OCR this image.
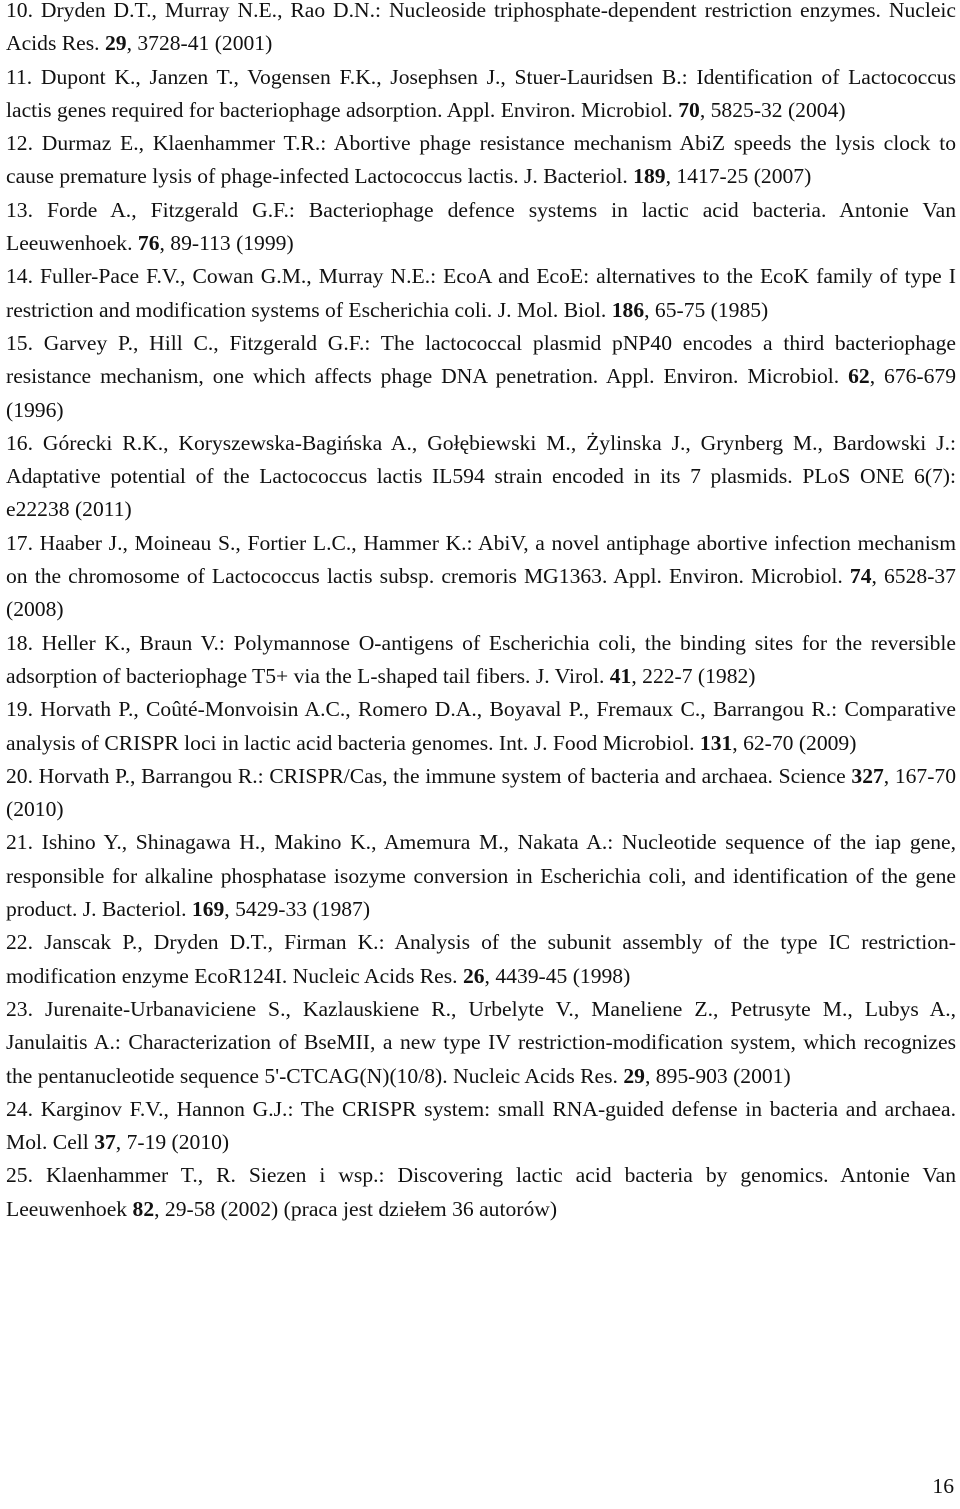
10. Dryden D.T., Murray N.E., Rao D.N.: Nucleoside triphosphate-dependent restriction enzymes. Nucleic Acids Res. 29, 3728-41 (2001)
11. Dupont K., Janzen T., Vogensen F.K., Josephsen J., Stuer-Lauridsen B.: Identification of Lactococcus lactis genes required for bacteriophage adsorption. Appl. Environ. Microbiol. 70, 5825-32 (2004)
12. Durmaz E., Klaenhammer T.R.: Abortive phage resistance mechanism AbiZ speeds the lysis clock to cause premature lysis of phage-infected Lactococcus lactis. J. Bacteriol. 189, 1417-25 (2007)
13. Forde A., Fitzgerald G.F.: Bacteriophage defence systems in lactic acid bacteria. Antonie Van Leeuwenhoek. 76, 89-113 (1999)
14. Fuller-Pace F.V., Cowan G.M., Murray N.E.: EcoA and EcoE: alternatives to the EcoK family of type I restriction and modification systems of Escherichia coli. J. Mol. Biol. 186, 65-75 (1985)
15. Garvey P., Hill C., Fitzgerald G.F.: The lactococcal plasmid pNP40 encodes a third bacteriophage resistance mechanism, one which affects phage DNA penetration. Appl. Environ. Microbiol. 62, 676-679 (1996)
16. Górecki R.K., Koryszewska-Bagińska A., Gołębiewski M., Żylinska J., Grynberg M., Bardowski J.: Adaptative potential of the Lactococcus lactis IL594 strain encoded in its 7 plasmids. PLoS ONE 6(7): e22238 (2011)
17. Haaber J., Moineau S., Fortier L.C., Hammer K.: AbiV, a novel antiphage abortive infection mechanism on the chromosome of Lactococcus lactis subsp. cremoris MG1363. Appl. Environ. Microbiol. 74, 6528-37 (2008)
18. Heller K., Braun V.: Polymannose O-antigens of Escherichia coli, the binding sites for the reversible adsorption of bacteriophage T5+ via the L-shaped tail fibers. J. Virol. 41, 222-7 (1982)
19. Horvath P., Coûté-Monvoisin A.C., Romero D.A., Boyaval P., Fremaux C., Barrangou R.: Comparative analysis of CRISPR loci in lactic acid bacteria genomes. Int. J. Food Microbiol. 131, 62-70 (2009)
20. Horvath P., Barrangou R.: CRISPR/Cas, the immune system of bacteria and archaea. Science 327, 167-70 (2010)
21. Ishino Y., Shinagawa H., Makino K., Amemura M., Nakata A.: Nucleotide sequence of the iap gene, responsible for alkaline phosphatase isozyme conversion in Escherichia coli, and identification of the gene product. J. Bacteriol. 169, 5429-33 (1987)
22. Janscak P., Dryden D.T., Firman K.: Analysis of the subunit assembly of the type IC restriction-modification enzyme EcoR124I. Nucleic Acids Res. 26, 4439-45 (1998)
23. Jurenaite-Urbanaviciene S., Kazlauskiene R., Urbelyte V., Maneliene Z., Petrusyte M., Lubys A., Janulaitis A.: Characterization of BseMII, a new type IV restriction-modification system, which recognizes the pentanucleotide sequence 5'-CTCAG(N)(10/8). Nucleic Acids Res. 29, 895-903 (2001)
24. Karginov F.V., Hannon G.J.: The CRISPR system: small RNA-guided defense in bacteria and archaea. Mol. Cell 37, 7-19 (2010)
25. Klaenhammer T., R. Siezen i wsp.: Discovering lactic acid bacteria by genomics. Antonie Van Leeuwenhoek 82, 29-58 (2002) (praca jest dziełem 36 autorów)
16
